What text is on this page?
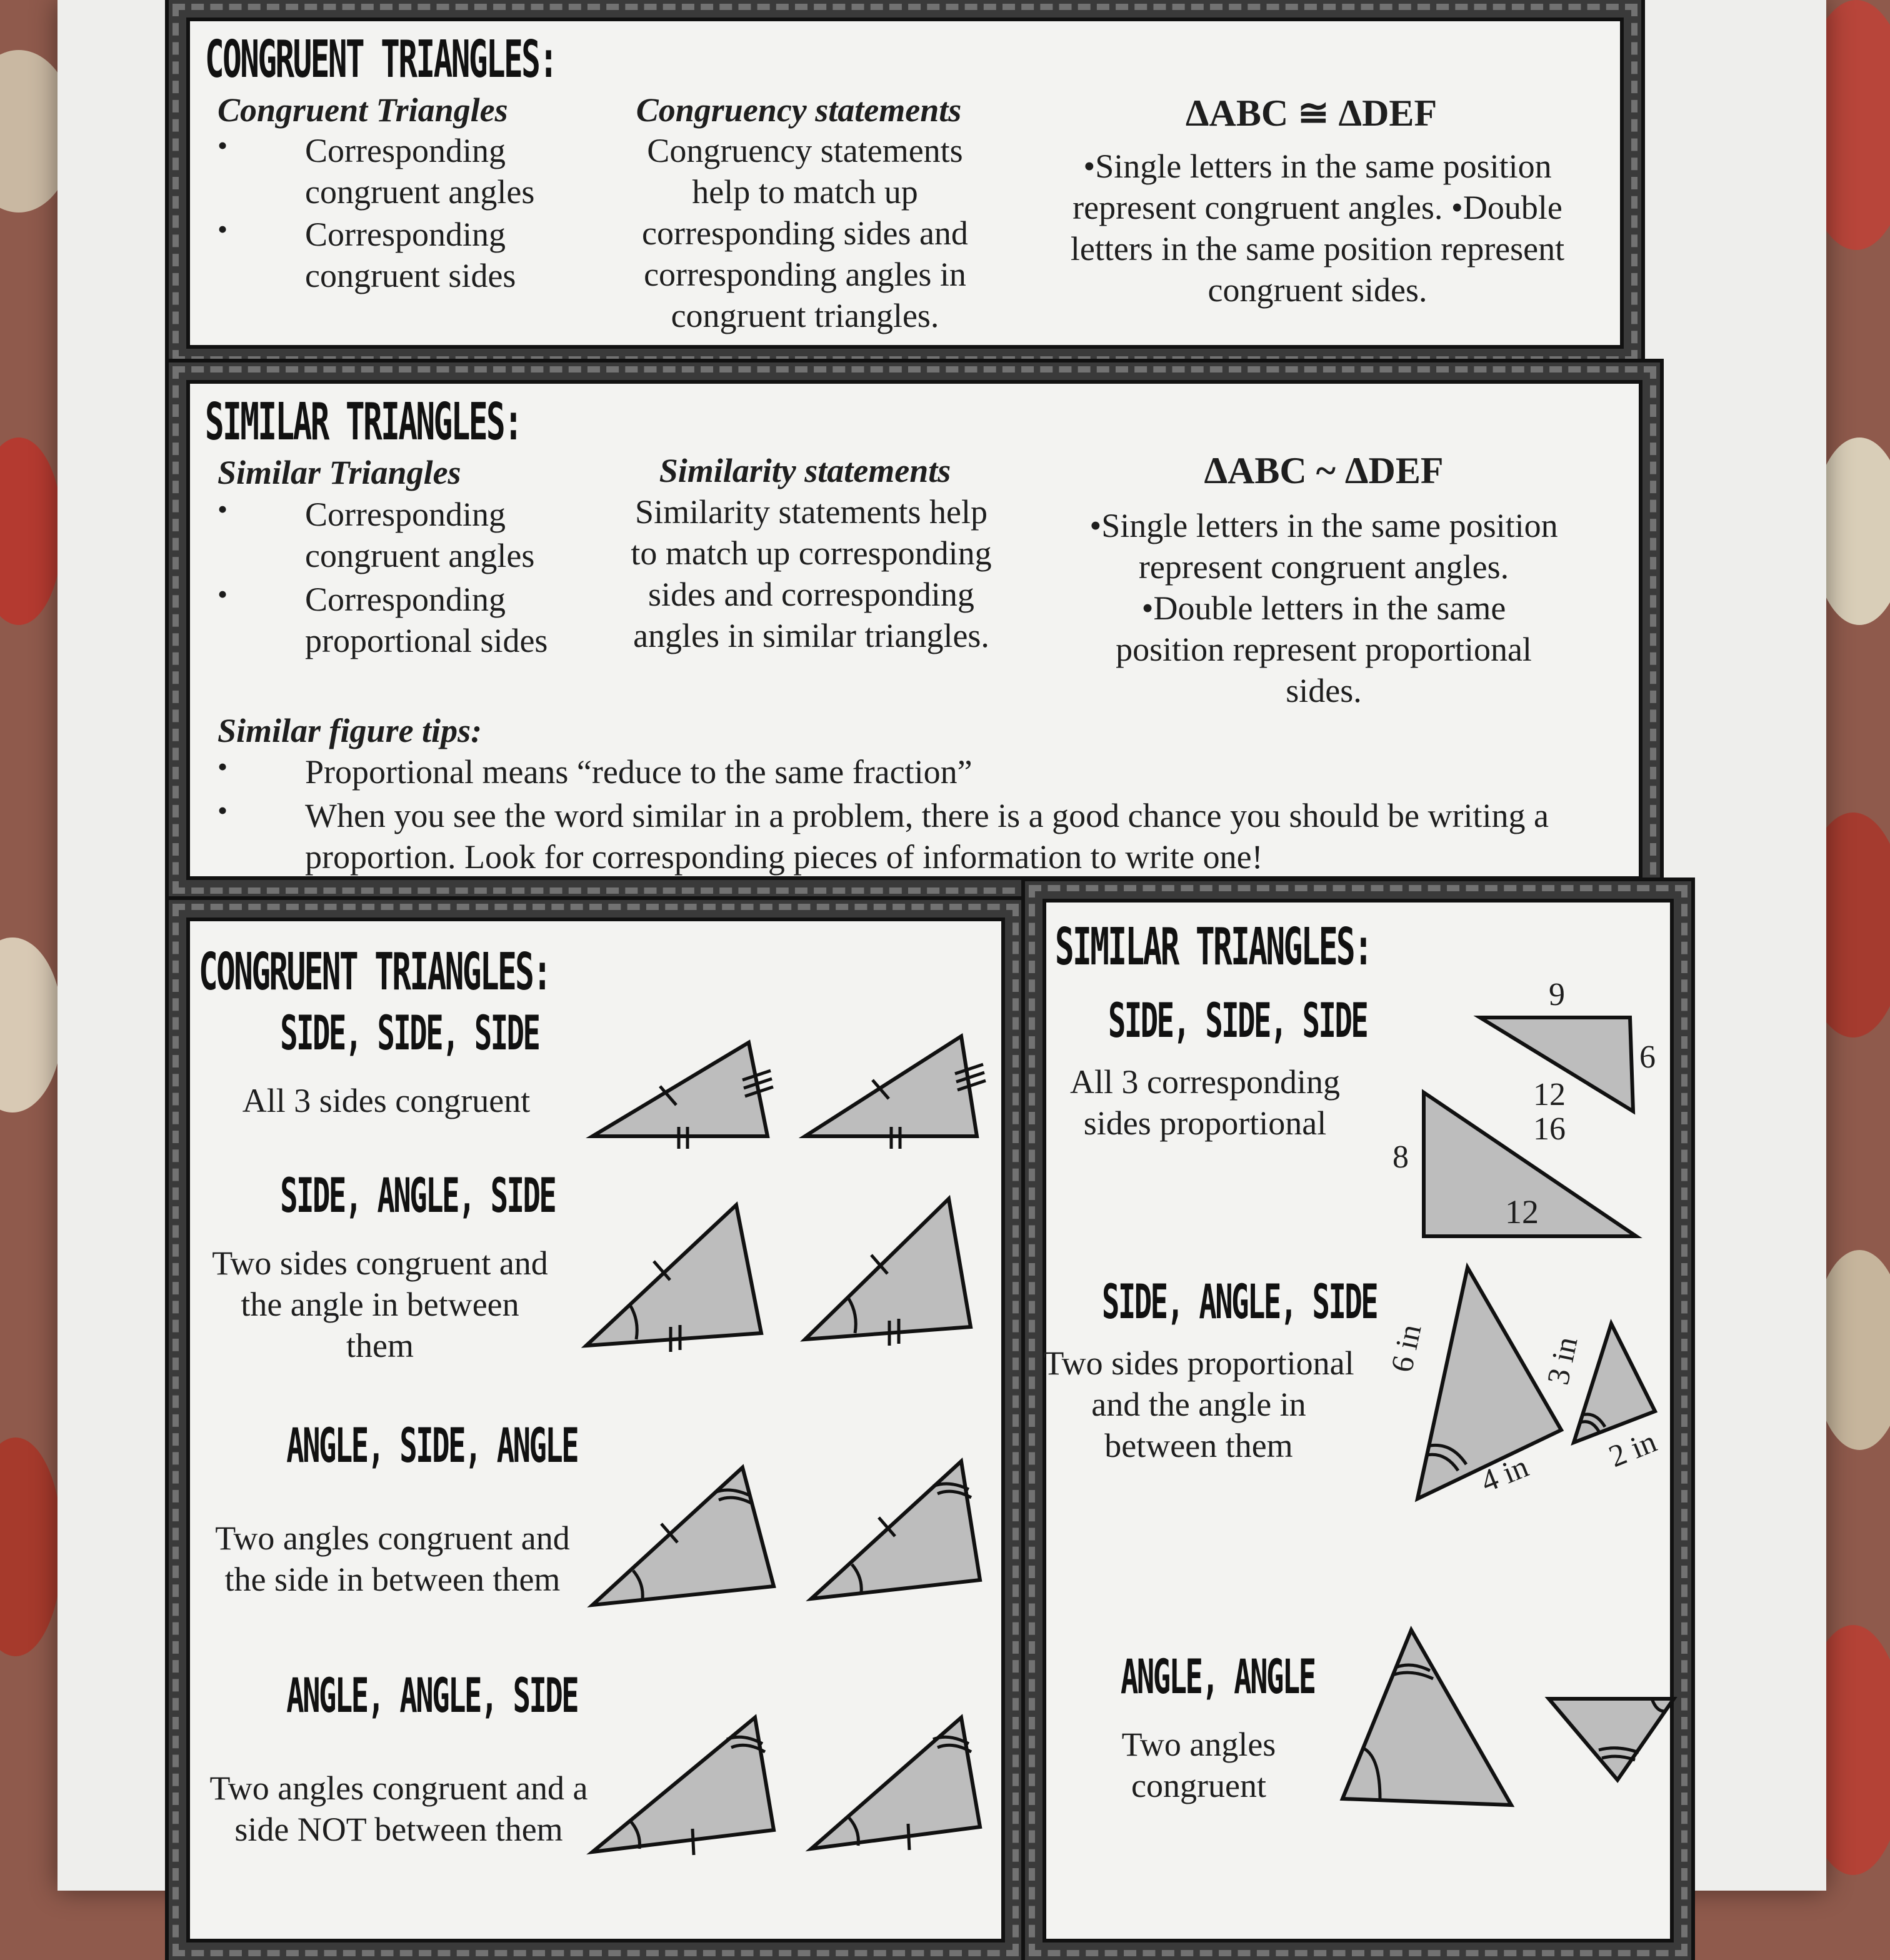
CONGRUENT TRIANGLES:
Congruent Triangles
• Corresponding congruent angles
• Corresponding congruent sides
Congruency statements
Congruency statements help to match up corresponding sides and corresponding angles in congruent triangles.
ΔABC ≅ ΔDEF
•Single letters in the same position represent congruent angles. •Double letters in the same position represent congruent sides.
SIMILAR TRIANGLES:
Similar Triangles
• Corresponding congruent angles
• Corresponding proportional sides
Similarity statements
Similarity statements help to match up corresponding sides and corresponding angles in similar triangles.
ΔABC ~ ΔDEF
•Single letters in the same position represent congruent angles. •Double letters in the same position represent proportional sides.
Similar figure tips:
• Proportional means “reduce to the same fraction”
• When you see the word similar in a problem, there is a good chance you should be writing a proportion. Look for corresponding pieces of information to write one!
CONGRUENT TRIANGLES:
SIDE, SIDE, SIDE
All 3 sides congruent
SIDE, ANGLE, SIDE
Two sides congruent and the angle in between them
ANGLE, SIDE, ANGLE
Two angles congruent and the side in between them
ANGLE, ANGLE, SIDE
Two angles congruent and a side NOT between them
SIMILAR TRIANGLES:
SIDE, SIDE, SIDE
All 3 corresponding sides proportional
9
6
12
16
8
12
SIDE, ANGLE, SIDE
Two sides proportional and the angle in between them
6 in
4 in
3 in
2 in
ANGLE, ANGLE
Two angles congruent
